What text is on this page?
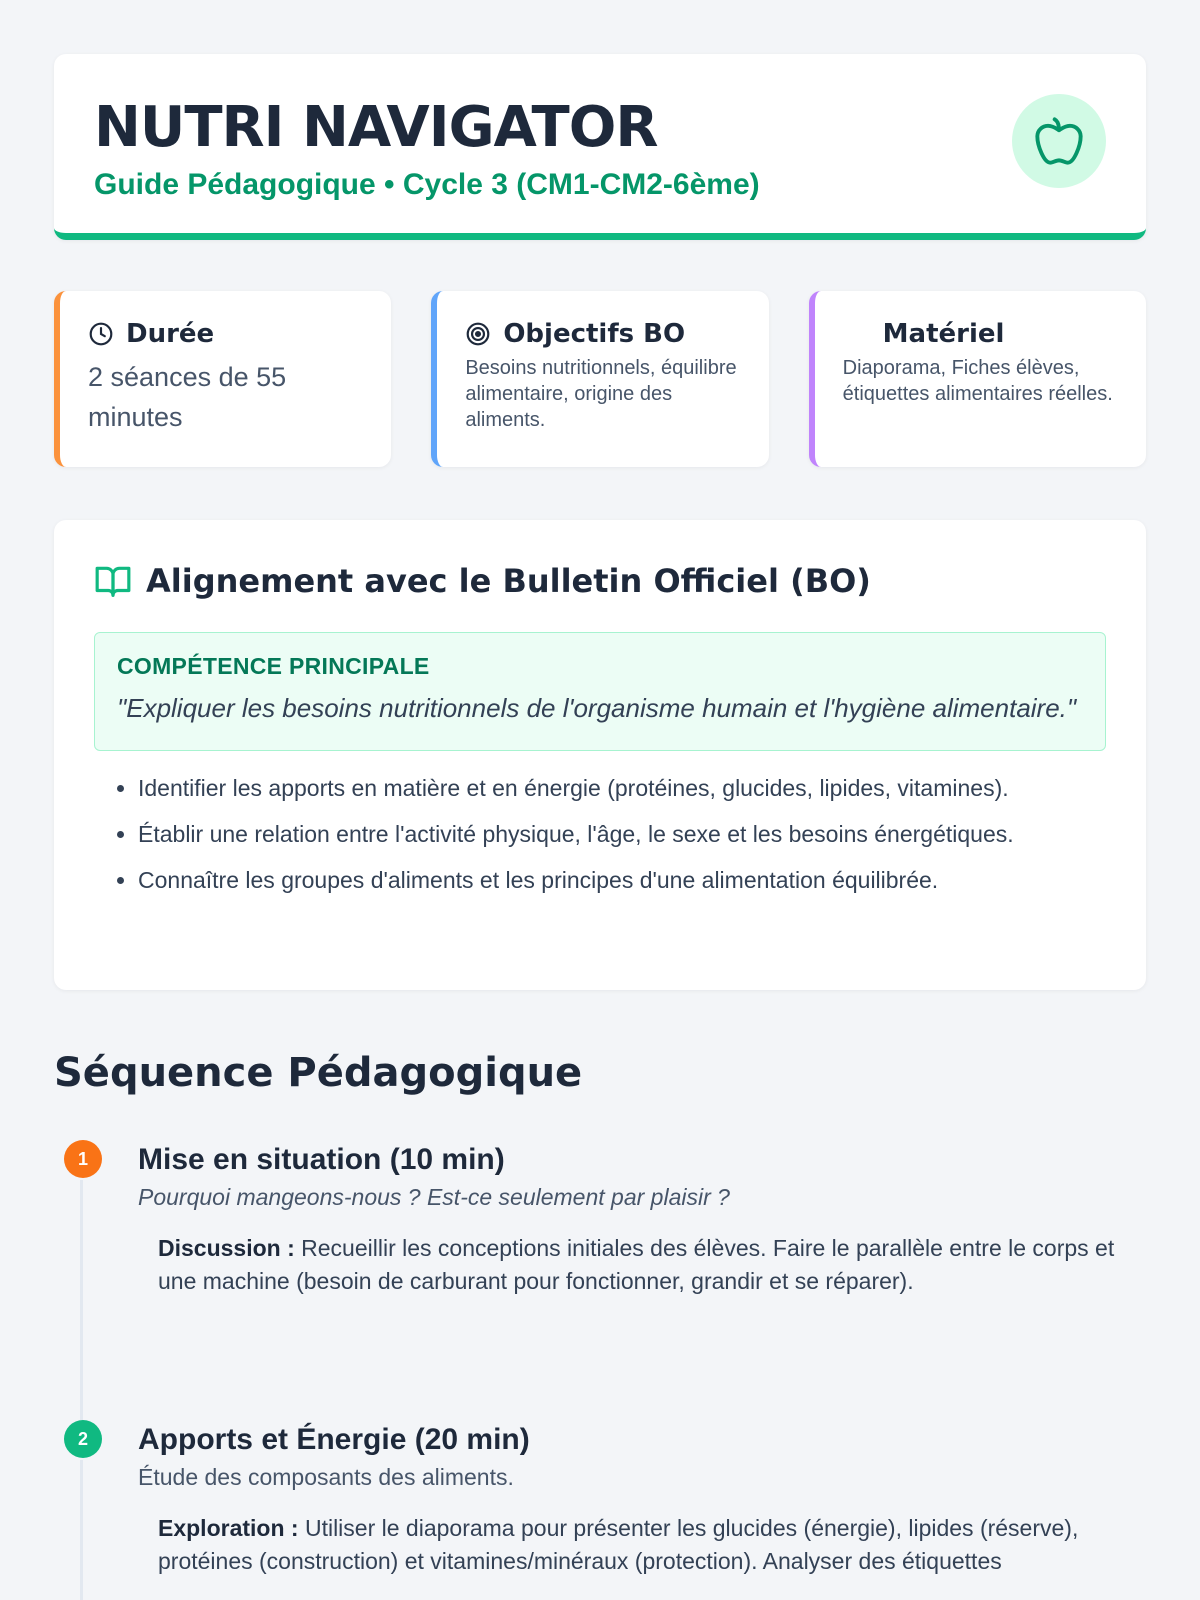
NUTRI NAVIGATOR
Guide Pédagogique • Cycle 3 (CM1-CM2-6ème)
Durée
2 séances de 55 minutes
Objectifs BO
Besoins nutritionnels, équilibre alimentaire, origine des aliments.
Matériel
Diaporama, Fiches élèves, étiquettes alimentaires réelles.
Alignement avec le Bulletin Officiel (BO)
COMPÉTENCE PRINCIPALE
"Expliquer les besoins nutritionnels de l'organisme humain et l'hygiène alimentaire."
• Identifier les apports en matière et en énergie (protéines, glucides, lipides, vitamines).
• Établir une relation entre l'activité physique, l'âge, le sexe et les besoins énergétiques.
• Connaître les groupes d'aliments et les principes d'une alimentation équilibrée.
Séquence Pédagogique
1	Mise en situation (10 min)
Pourquoi mangeons-nous ? Est-ce seulement par plaisir ?
Discussion : Recueillir les conceptions initiales des élèves. Faire le parallèle entre le corps et une machine (besoin de carburant pour fonctionner, grandir et se réparer).
2	Apports et Énergie (20 min)
Étude des composants des aliments.
Exploration : Utiliser le diaporama pour présenter les glucides (énergie), lipides (réserve), protéines (construction) et vitamines/minéraux (protection). Analyser des étiquettes
